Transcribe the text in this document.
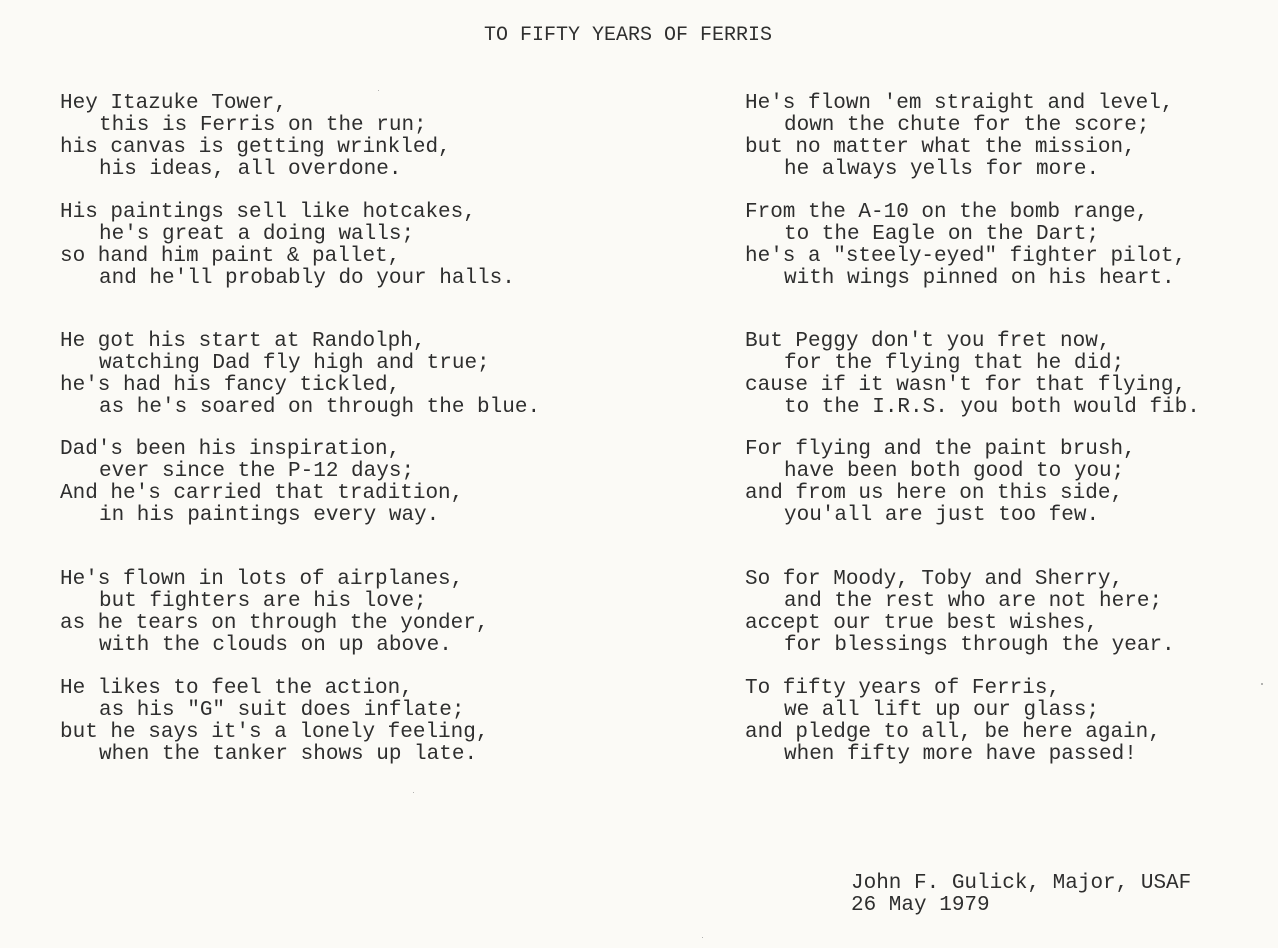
TO FIFTY YEARS OF FERRIS
Hey Itazuke Tower,
this is Ferris on the run;
his canvas is getting wrinkled,
his ideas, all overdone.
His paintings sell like hotcakes,
he's great a doing walls;
so hand him paint & pallet,
and he'll probably do your halls.
He got his start at Randolph,
watching Dad fly high and true;
he's had his fancy tickled,
as he's soared on through the blue.
Dad's been his inspiration,
ever since the P-12 days;
And he's carried that tradition,
in his paintings every way.
He's flown in lots of airplanes,
but fighters are his love;
as he tears on through the yonder,
with the clouds on up above.
He likes to feel the action,
as his "G" suit does inflate;
but he says it's a lonely feeling,
when the tanker shows up late.
He's flown 'em straight and level,
down the chute for the score;
but no matter what the mission,
he always yells for more.
From the A-10 on the bomb range,
to the Eagle on the Dart;
he's a "steely-eyed" fighter pilot,
with wings pinned on his heart.
But Peggy don't you fret now,
for the flying that he did;
cause if it wasn't for that flying,
to the I.R.S. you both would fib.
For flying and the paint brush,
have been both good to you;
and from us here on this side,
you'all are just too few.
So for Moody, Toby and Sherry,
and the rest who are not here;
accept our true best wishes,
for blessings through the year.
To fifty years of Ferris,
we all lift up our glass;
and pledge to all, be here again,
when fifty more have passed!
John F. Gulick, Major, USAF
26 May 1979
